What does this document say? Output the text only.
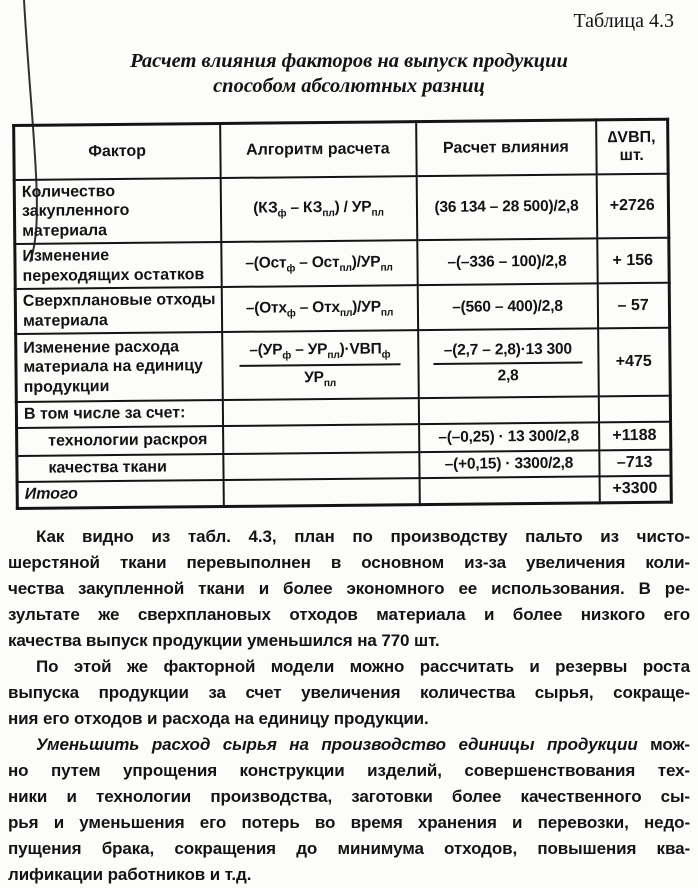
Таблица 4.3
Расчет влияния факторов на выпуск продукции
способом абсолютных разниц
Фактор	Алгоритм расчета	Расчет влияния	∆VВП,
шт.

Количество закупленного материала	$(КЗ_ф - КЗ_{пл}) / УР_{пл}$	(36 134 – 28 500)/2,8	+2726
Изменение переходящих остатков	$-(Ост_ф - Ост_{пл})/УР_{пл}$	–(–336 – 100)/2,8	+ 156
Сверхплановые отходы материала	$-(Отх_ф - Отх_{пл})/УР_{пл}$	–(560 – 400)/2,8	– 57
Изменение расхода материала на единицу продукции	$\frac{-(УР_ф - УР_{пл})\cdot VВП_ф}{УР_{пл}}$	$\frac{-(2,7 - 2,8)\cdot 13 300}{2,8}$	+475
В том числе за счет:			
технологии раскроя		–(–0,25) · 13 300/2,8	+1188
качества ткани		–(+0,15) · 3300/2,8	–713
Итого			+3300
Как видно из табл. 4.3, план по производству пальто из чисто-
шерстяной ткани перевыполнен в основном из-за увеличения коли-
чества закупленной ткани и более экономного ее использования. В ре-
зультате же сверхплановых отходов материала и более низкого его
качества выпуск продукции уменьшился на 770 шт.
По этой же факторной модели можно рассчитать и резервы роста
выпуска продукции за счет увеличения количества сырья, сокраще-
ния его отходов и расхода на единицу продукции.
Уменьшить расход сырья на производство единицы продукции мож-
но путем упрощения конструкции изделий, совершенствования тех-
ники и технологии производства, заготовки более качественного сы-
рья и уменьшения его потерь во время хранения и перевозки, недо-
пущения брака, сокращения до минимума отходов, повышения ква-
лификации работников и т.д.
